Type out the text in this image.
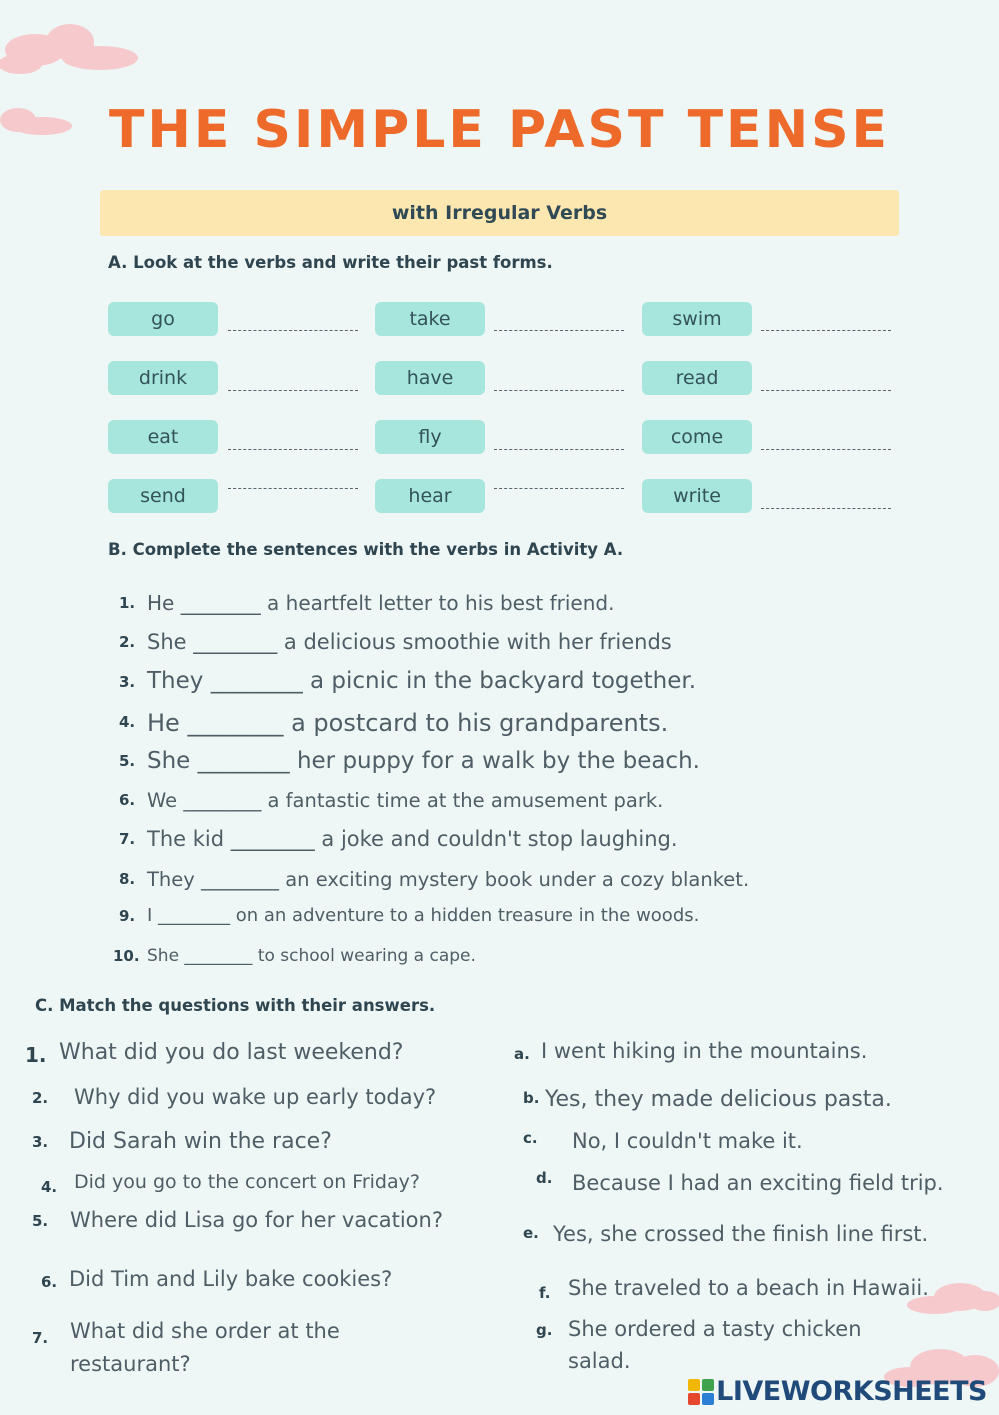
THE SIMPLE PAST TENSE
with Irregular Verbs
A. Look at the verbs and write their past forms.
go	take	swim
drink	have	read
eat	fly	come
send	hear	write
B. Complete the sentences with the verbs in Activity A.
1. He ________ a heartfelt letter to his best friend.
2. She ________ a delicious smoothie with her friends
3. They ________ a picnic in the backyard together.
4. He ________ a postcard to his grandparents.
5. She ________ her puppy for a walk by the beach.
6. We ________ a fantastic time at the amusement park.
7. The kid ________ a joke and couldn't stop laughing.
8. They ________ an exciting mystery book under a cozy blanket.
9. I ________ on an adventure to a hidden treasure in the woods.
10. She ________ to school wearing a cape.
C. Match the questions with their answers.
1. What did you do last weekend?
2. Why did you wake up early today?
3. Did Sarah win the race?
4. Did you go to the concert on Friday?
5. Where did Lisa go for her vacation?
6. Did Tim and Lily bake cookies?
7. What did she order at the
restaurant?
a. I went hiking in the mountains.
b. Yes, they made delicious pasta.
c. No, I couldn't make it.
d. Because I had an exciting field trip.
e. Yes, she crossed the finish line first.
f. She traveled to a beach in Hawaii.
g. She ordered a tasty chicken
salad.
LIVEWORKSHEETS
